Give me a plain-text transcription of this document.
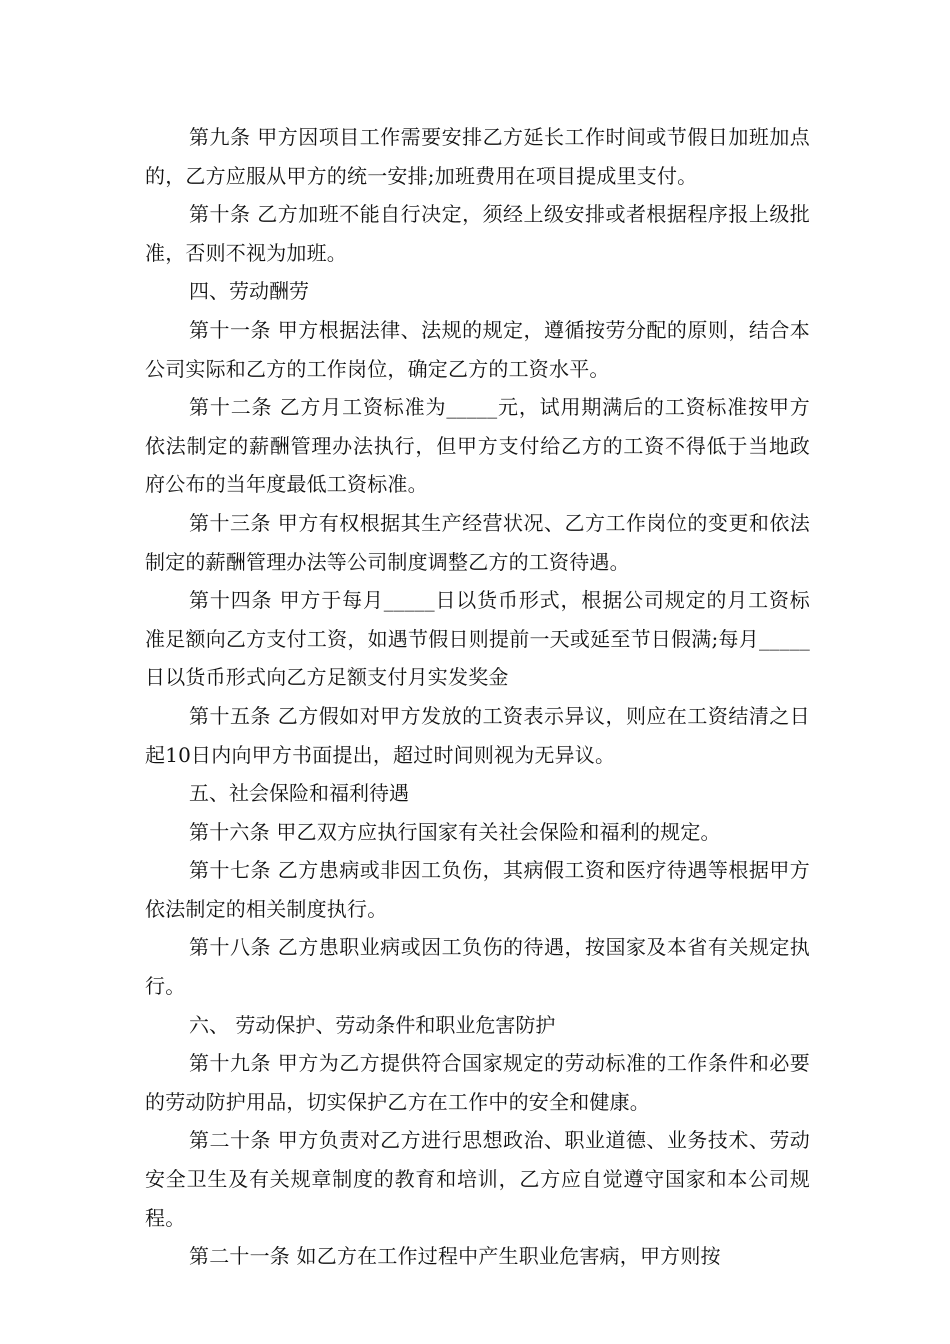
第九条 甲方因项目工作需要安排乙方延长工作时间或节假日加班加点的，乙方应服从甲方的统一安排;加班费用在项目提成里支付。

第十条 乙方加班不能自行决定，须经上级安排或者根据程序报上级批准，否则不视为加班。

四、劳动酬劳

第十一条 甲方根据法律、法规的规定，遵循按劳分配的原则，结合本公司实际和乙方的工作岗位，确定乙方的工资水平。

第十二条 乙方月工资标准为_____元，试用期满后的工资标准按甲方依法制定的薪酬管理办法执行，但甲方支付给乙方的工资不得低于当地政府公布的当年度最低工资标准。

第十三条 甲方有权根据其生产经营状况、乙方工作岗位的变更和依法制定的薪酬管理办法等公司制度调整乙方的工资待遇。

第十四条 甲方于每月_____日以货币形式，根据公司规定的月工资标准足额向乙方支付工资，如遇节假日则提前一天或延至节日假满;每月_____日以货币形式向乙方足额支付月实发奖金

第十五条 乙方假如对甲方发放的工资表示异议，则应在工资结清之日起10日内向甲方书面提出，超过时间则视为无异议。

五、社会保险和福利待遇

第十六条 甲乙双方应执行国家有关社会保险和福利的规定。

第十七条 乙方患病或非因工负伤，其病假工资和医疗待遇等根据甲方依法制定的相关制度执行。

第十八条 乙方患职业病或因工负伤的待遇，按国家及本省有关规定执行。

六、 劳动保护、劳动条件和职业危害防护

第十九条 甲方为乙方提供符合国家规定的劳动标准的工作条件和必要的劳动防护用品，切实保护乙方在工作中的安全和健康。

第二十条 甲方负责对乙方进行思想政治、职业道德、业务技术、劳动安全卫生及有关规章制度的教育和培训，乙方应自觉遵守国家和本公司规程。

第二十一条 如乙方在工作过程中产生职业危害病，甲方则按
